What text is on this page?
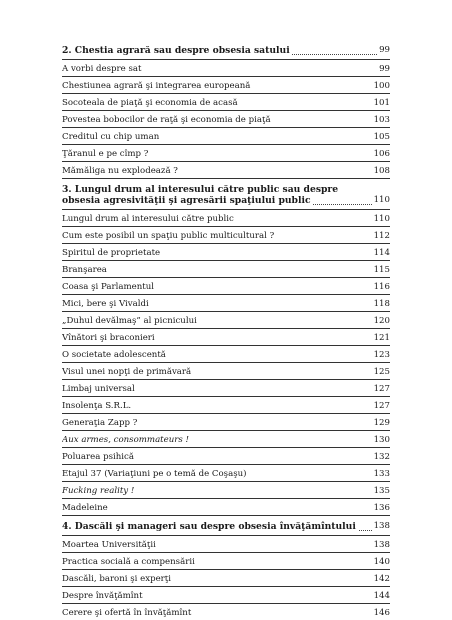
2. Chestia agrară sau despre obsesia satului	99
A vorbi despre sat	99
Chestiunea agrară şi integrarea europeană	100
Socoteala de piaţă şi economia de acasă	101
Povestea bobocilor de raţă şi economia de piaţă	103
Creditul cu chip uman	105
Ţăranul e pe cîmp ?	106
Mămăliga nu explodează ?	108
3. Lungul drum al interesului către public sau despre
obsesia agresivităţii şi agresării spaţiului public	110
Lungul drum al interesului către public	110
Cum este posibil un spaţiu public multicultural ?	112
Spiritul de proprietate	114
Branşarea	115
Coasa şi Parlamentul	116
Mici, bere şi Vivaldi	118
„Duhul devălmaş” al picnicului	120
Vînători şi braconieri	121
O societate adolescentă	123
Visul unei nopţi de primăvară	125
Limbaj universal	127
Insolenţa S.R.L.	127
Generaţia Zapp ?	129
Aux armes, consommateurs !	130
Poluarea psihică	132
Etajul 37 (Variaţiuni pe o temă de Coşaşu)	133
Fucking reality !	135
Madeleine	136
4. Dascăli şi manageri sau despre obsesia învăţămîntului	138
Moartea Universităţii	138
Practica socială a compensării	140
Dascăli, baroni şi experţi	142
Despre învăţămînt	144
Cerere şi ofertă în învăţămînt	146
